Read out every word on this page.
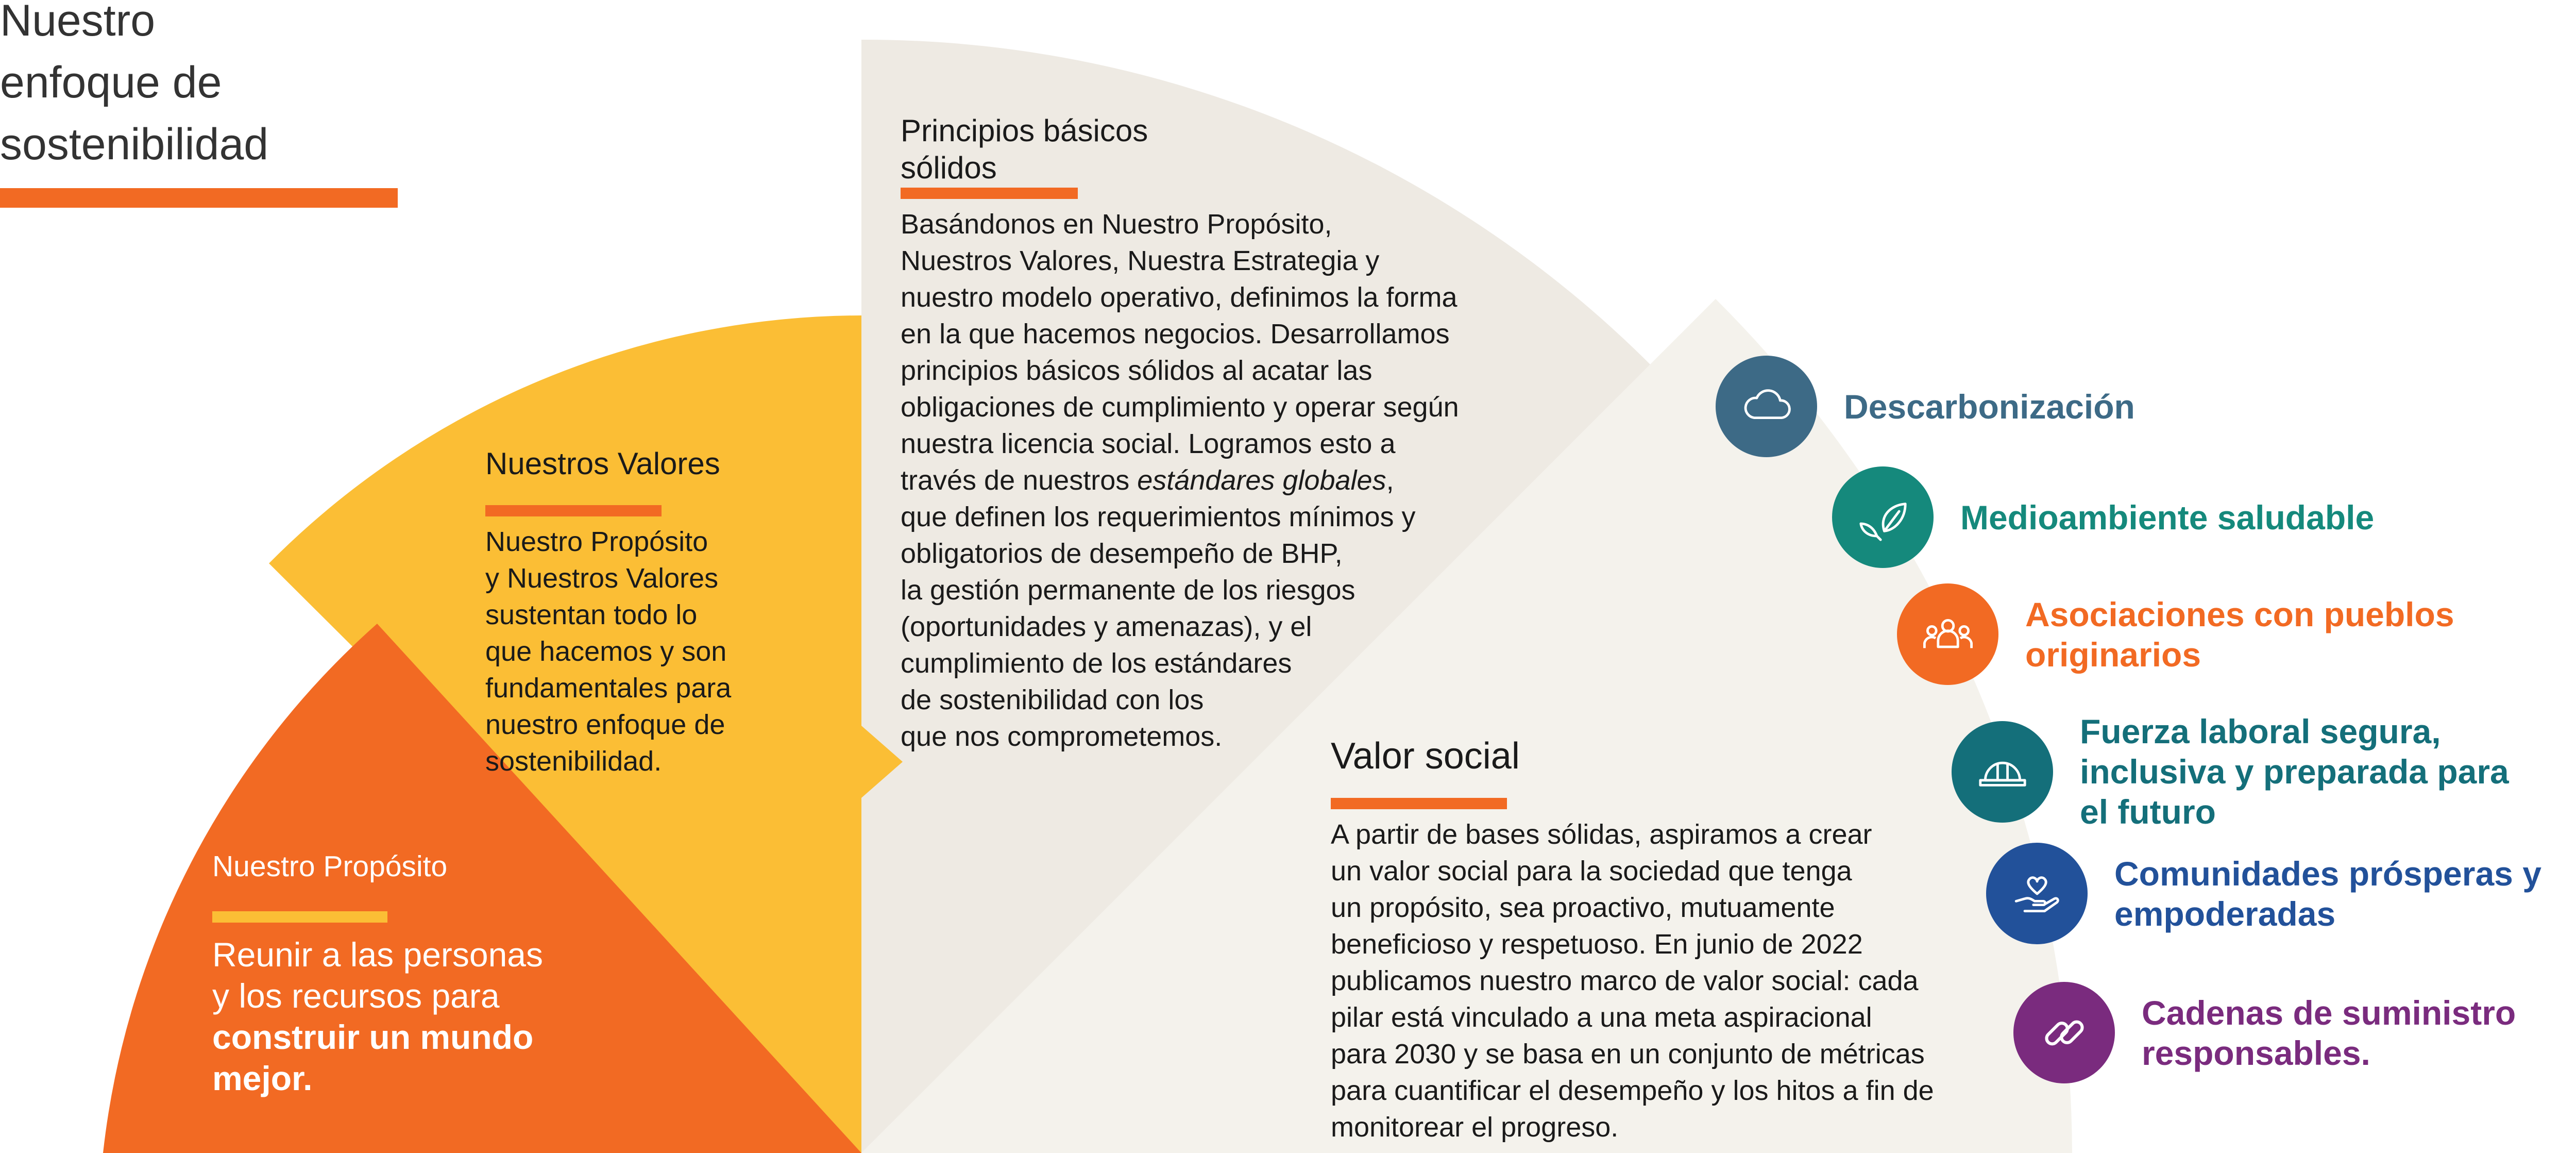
Nuestro
enfoque de
sostenibilidad
Nuestro Propósito
Reunir a las personas
y los recursos para
construir un mundo
mejor.
Nuestros Valores
Nuestro Propósito
y Nuestros Valores
sustentan todo lo
que hacemos y son
fundamentales para
nuestro enfoque de
sostenibilidad.
Principios básicos
sólidos
Basándonos en Nuestro Propósito,
Nuestros Valores, Nuestra Estrategia y
nuestro modelo operativo, definimos la forma
en la que hacemos negocios. Desarrollamos
principios básicos sólidos al acatar las
obligaciones de cumplimiento y operar según
nuestra licencia social. Logramos esto a
través de nuestros estándares globales,
que definen los requerimientos mínimos y
obligatorios de desempeño de BHP,
la gestión permanente de los riesgos
(oportunidades y amenazas), y el
cumplimiento de los estándares
de sostenibilidad con los
que nos comprometemos.	Valor social
A partir de bases sólidas, aspiramos a crear
un valor social para la sociedad que tenga
un propósito, sea proactivo, mutuamente
beneficioso y respetuoso. En junio de 2022
publicamos nuestro marco de valor social: cada
pilar está vinculado a una meta aspiracional
para 2030 y se basa en un conjunto de métricas
para cuantificar el desempeño y los hitos a fin de
monitorear el progreso.
Descarbonización
Medioambiente saludable
Asociaciones con pueblos
originarios
Fuerza laboral segura,
inclusiva y preparada para
el futuro
Comunidades prósperas y
empoderadas
Cadenas de suministro
responsables.
